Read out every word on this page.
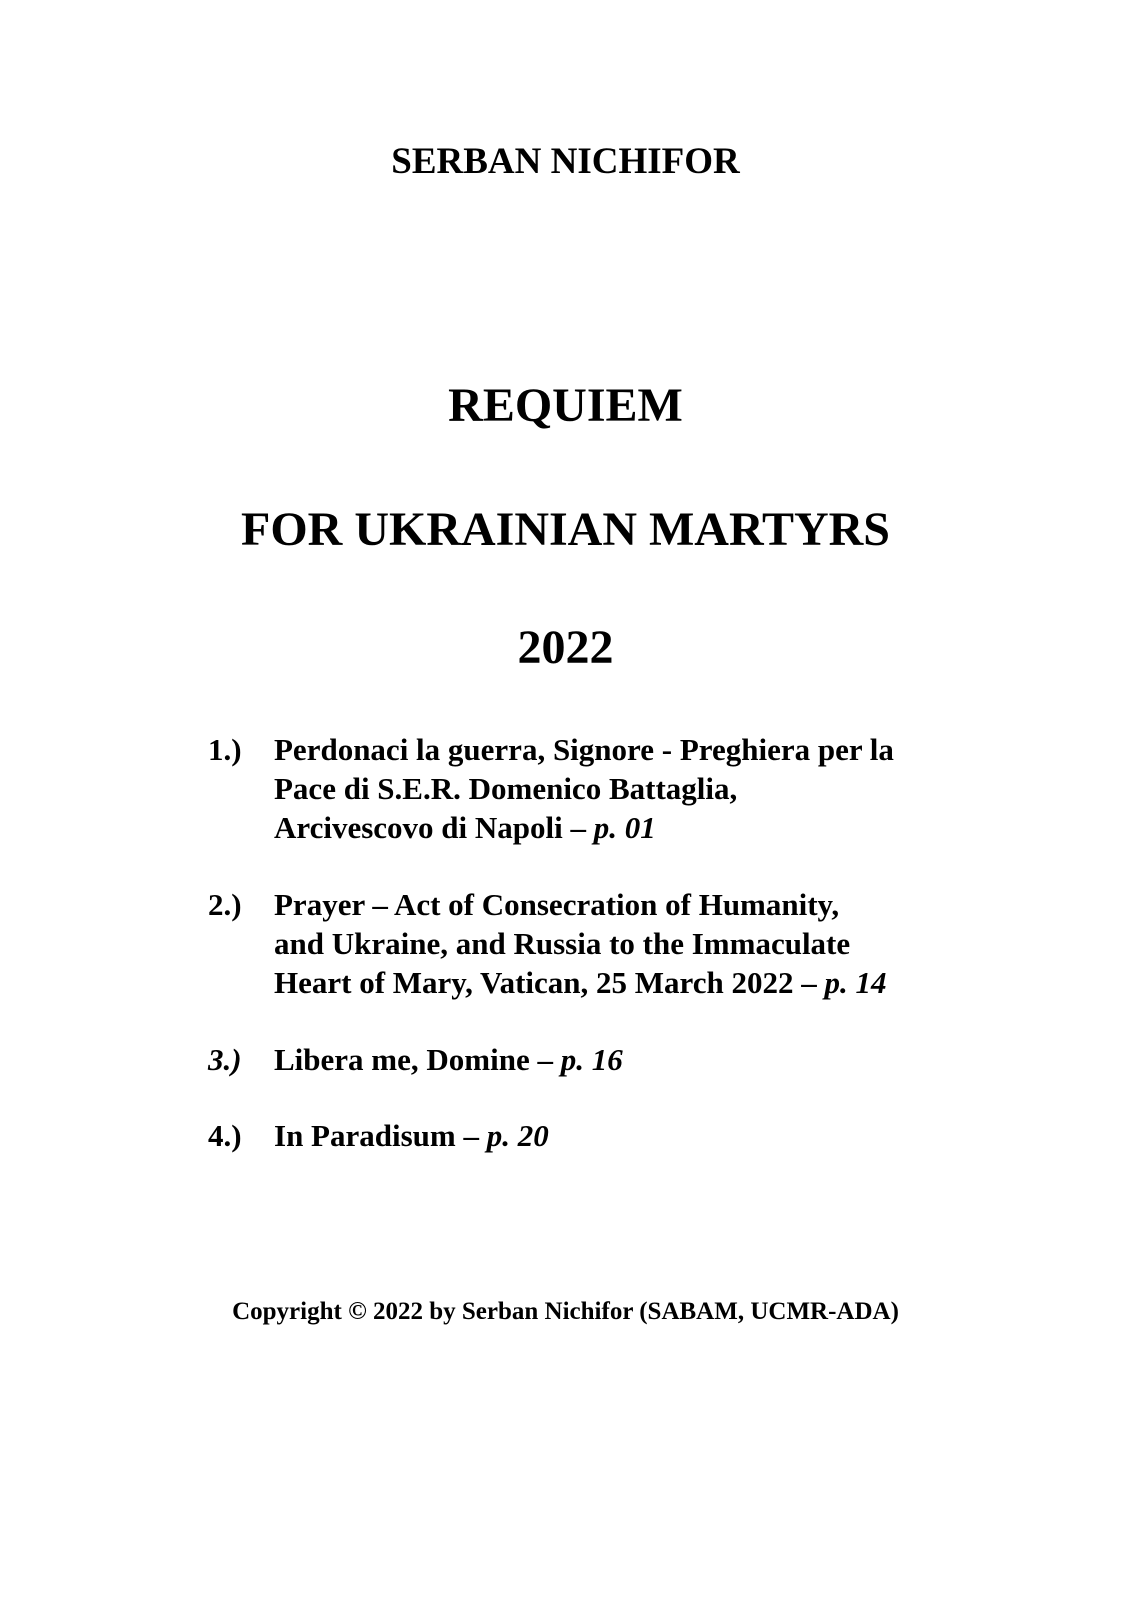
SERBAN NICHIFOR
REQUIEM
FOR UKRAINIAN MARTYRS
2022
1.)	Perdonaci la guerra, Signore - Preghiera per la
Pace di S.E.R. Domenico Battaglia,
Arcivescovo di Napoli – p. 01
2.)	Prayer – Act of Consecration of Humanity,
and Ukraine, and Russia to the Immaculate
Heart of Mary, Vatican, 25 March 2022 – p. 14
3.)	Libera me, Domine – p. 16
4.)	In Paradisum – p. 20
Copyright © 2022 by Serban Nichifor (SABAM, UCMR-ADA)
